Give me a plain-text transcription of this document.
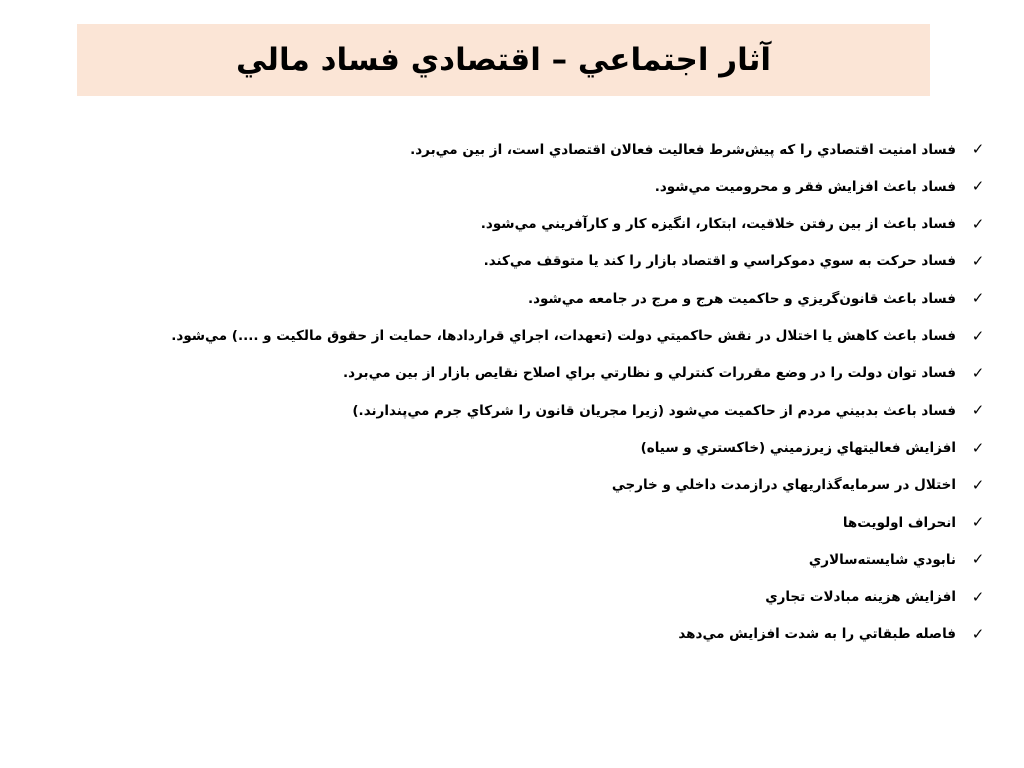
آثار اجتماعي – اقتصادي فساد مالي
✓
فساد امنيت اقتصادي را كه پيش‌شرط فعاليت فعالان اقتصادي است، از بين مي‌برد.
✓
فساد باعث افزايش فقر و محروميت مي‌شود.
✓
فساد باعث از بين رفتن خلاقيت، ابتكار، انگيزه كار و كارآفريني مي‌شود.
✓
فساد حركت به سوي دموكراسي و اقتصاد بازار را كند يا متوقف مي‌كند.
✓
فساد باعث قانون‌گريزي و حاكميت هرج و مرج در جامعه مي‌شود.
✓
فساد باعث كاهش يا اختلال در نقش حاكميتي دولت (تعهدات، اجراي قراردادها، حمايت از حقوق مالكيت و ....) مي‌شود.
✓
فساد توان دولت را در وضع مقررات كنترلي و نظارتي براي اصلاح نقايص بازار از بين مي‌برد.
✓
فساد باعث بدبيني مردم از حاكميت مي‌شود (زيرا مجريان قانون را شركاي جرم مي‌پندارند.)
✓
افزايش فعاليتهاي زيرزميني (خاكستري و سياه)
✓
اختلال در سرمايه‌گذاريهاي درازمدت داخلي و خارجي
✓
انحراف اولويت‌ها
✓
نابودي شايسته‌سالاري
✓
افزايش هزينه مبادلات تجاري
✓
فاصله طبقاتي را به شدت افزايش مي‌دهد
